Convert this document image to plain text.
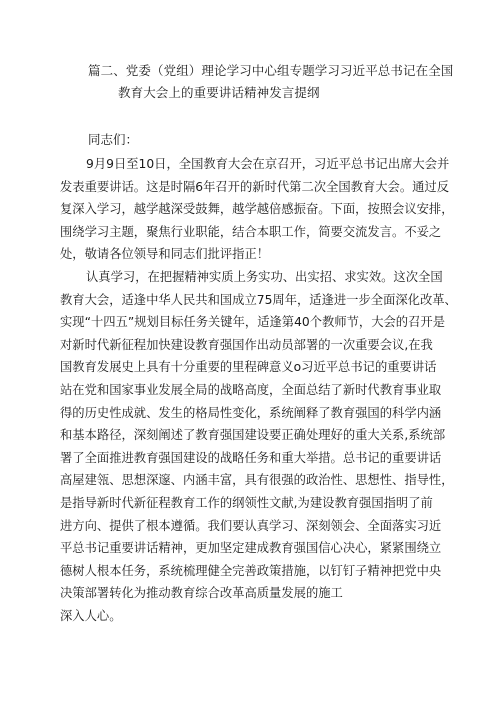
篇二、党委（党组）理论学习中心组专题学习习近平总书记在全国
教育大会上的重要讲话精神发言提纲
同志们：
9月9日至10日，全国教育大会在京召开，习近平总书记出席大会并
发表重要讲话。这是时隔6年召开的新时代第二次全国教育大会。通过反
复深入学习，越学越深受鼓舞，越学越倍感振奋。下面，按照会议安排，
围绕学习主题，聚焦行业职能，结合本职工作，简要交流发言。不妥之
处，敬请各位领导和同志们批评指正！
认真学习，在把握精神实质上务实功、出实招、求实效。这次全国
教育大会，适逢中华人民共和国成立75周年，适逢进一步全面深化改革、
实现“十四五”规划目标任务关键年，适逢第40个教师节，大会的召开是
对新时代新征程加快建设教育强国作出动员部署的一次重要会议,在我
国教育发展史上具有十分重要的里程碑意义o习近平总书记的重要讲话
站在党和国家事业发展全局的战略高度，全面总结了新时代教育事业取
得的历史性成就、发生的格局性变化，系统阐释了教育强国的科学内涵
和基本路径，深刻阐述了教育强国建设要正确处理好的重大关系,系统部
署了全面推进教育强国建设的战略任务和重大举措。总书记的重要讲话
高屋建瓴、思想深邃、内涵丰富，具有很强的政治性、思想性、指导性，
是指导新时代新征程教育工作的纲领性文献,为建设教育强国指明了前
进方向、提供了根本遵循。我们要认真学习、深刻领会、全面落实习近
平总书记重要讲话精神，更加坚定建成教育强国信心决心，紧紧围绕立
德树人根本任务，系统梳理健全完善政策措施，以钉钉子精神把党中央
决策部署转化为推动教育综合改革高质量发展的施工
深入人心。
